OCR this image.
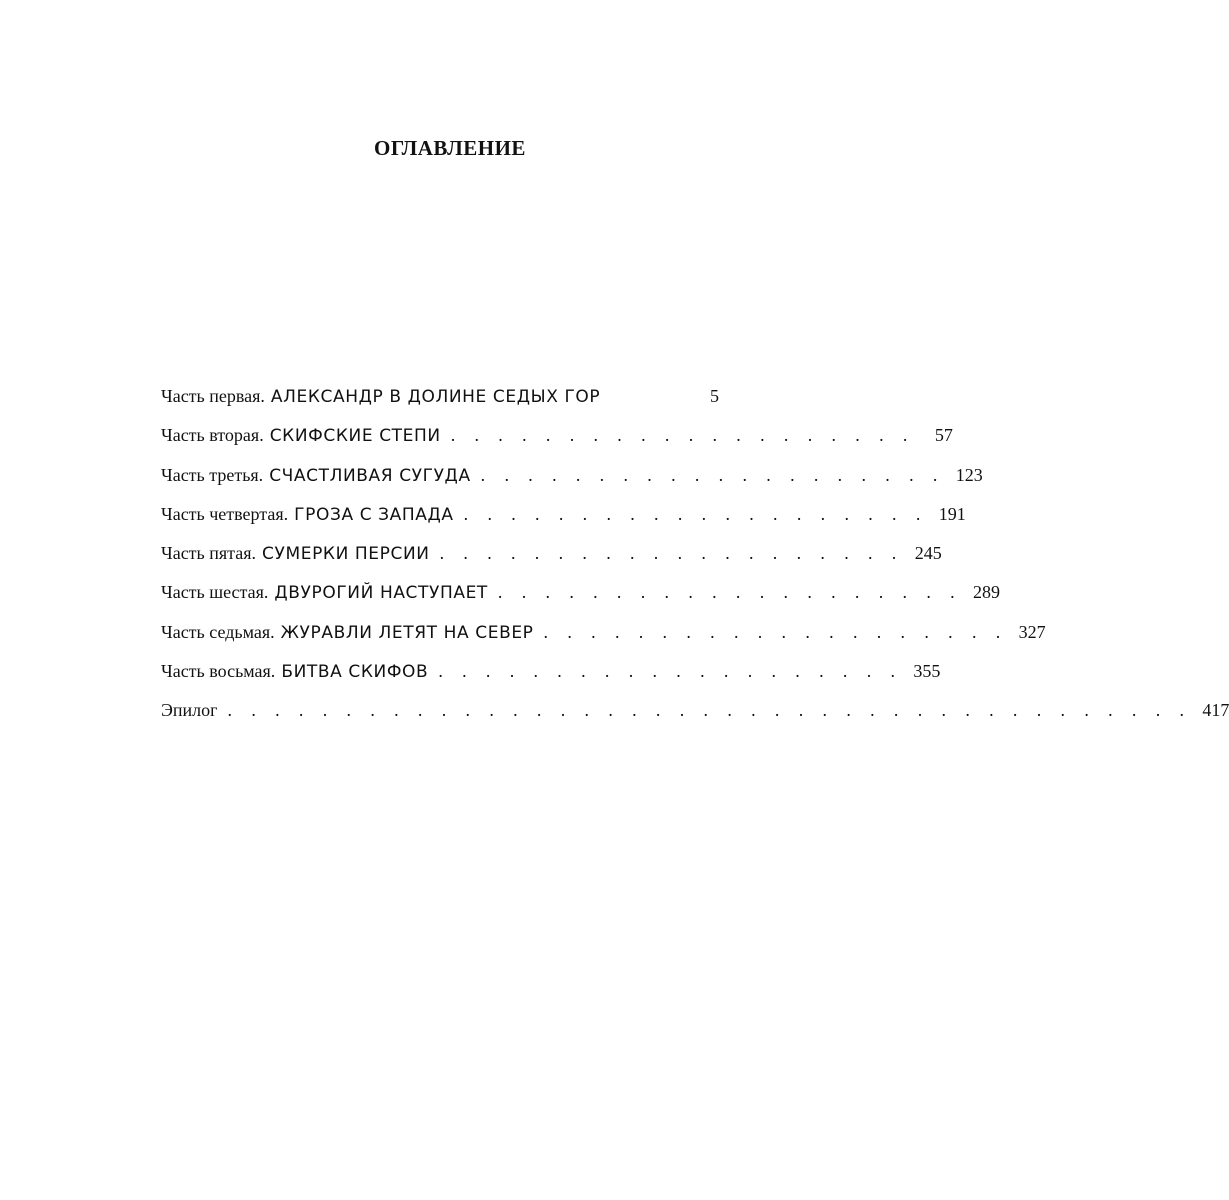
ОГЛАВЛЕНИЕ
Часть первая. АЛЕКСАНДР В ДОЛИНЕ СЕДЫХ ГОР	5
Часть вторая. СКИФСКИЕ СТЕПИ . . . . . . . . . . . . . . . . . . . .	57
Часть третья. СЧАСТЛИВАЯ СУГУДА . . . . . . . . . . . . . . . . . . . . 123
Часть четвертая. ГРОЗА С ЗАПАДА . . . . . . . . . . . . . . . . . . . . 191
Часть пятая. СУМЕРКИ ПЕРСИИ . . . . . . . . . . . . . . . . . . . . 245
Часть шестая. ДВУРОГИЙ НАСТУПАЕТ . . . . . . . . . . . . . . . . . . . . 289
Часть седьмая. ЖУРАВЛИ ЛЕТЯТ НА СЕВЕР . . . . . . . . . . . . . . . . . . . . 327
Часть восьмая. БИТВА СКИФОВ . . . . . . . . . . . . . . . . . . . . 355
Эпилог . . . . . . . . . . . . . . . . . . . . . . . . . . . . . . . . . . . . . . . . . 417
